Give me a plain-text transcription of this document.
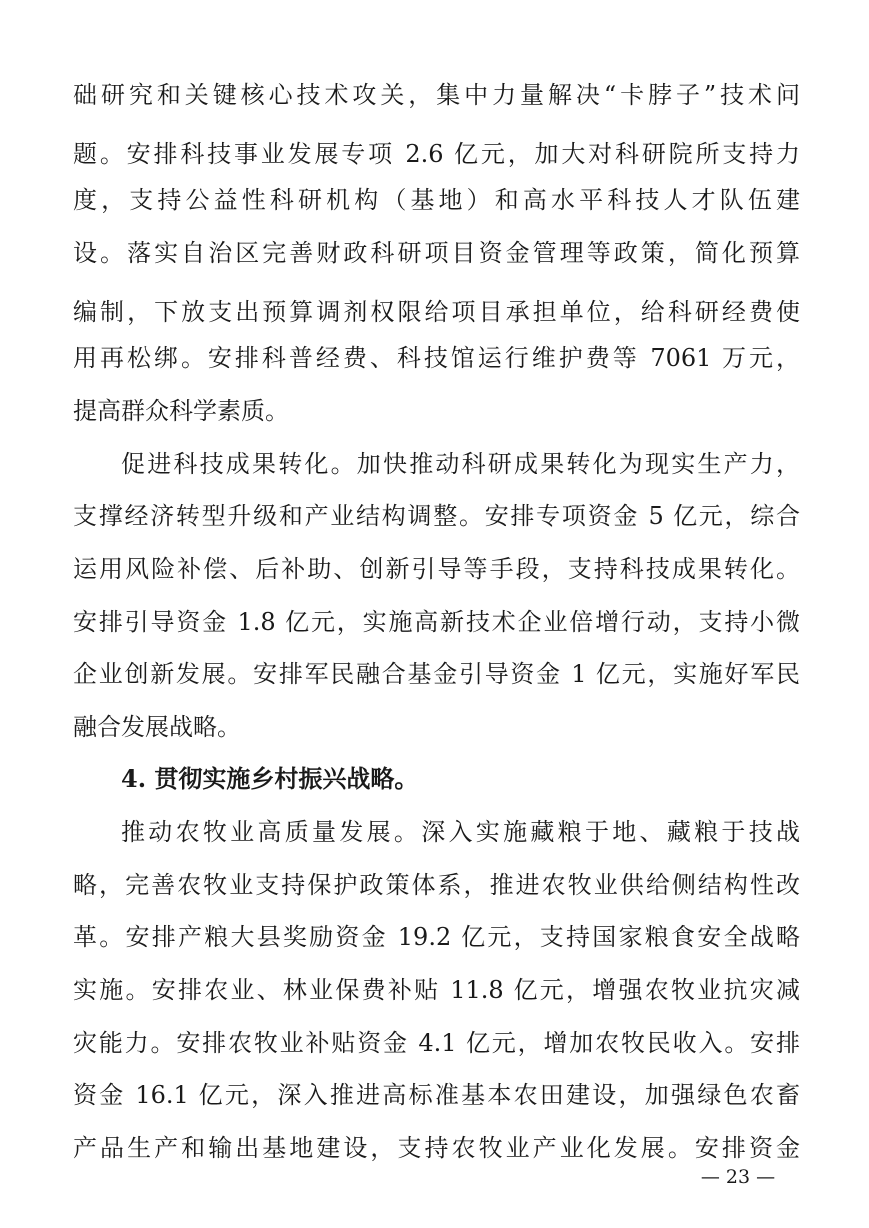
础研究和关键核心技术攻关，集中力量解决“卡脖子”技术问
题。安排科技事业发展专项 2.6 亿元，加大对科研院所支持力
度，支持公益性科研机构（基地）和高水平科技人才队伍建
设。落实自治区完善财政科研项目资金管理等政策，简化预算
编制，下放支出预算调剂权限给项目承担单位，给科研经费使
用再松绑。安排科普经费、科技馆运行维护费等 7061 万元，
提高群众科学素质。
促进科技成果转化。加快推动科研成果转化为现实生产力，
支撑经济转型升级和产业结构调整。安排专项资金 5 亿元，综合
运用风险补偿、后补助、创新引导等手段，支持科技成果转化。
安排引导资金 1.8 亿元，实施高新技术企业倍增行动，支持小微
企业创新发展。安排军民融合基金引导资金 1 亿元，实施好军民
融合发展战略。
4. 贯彻实施乡村振兴战略。
推动农牧业高质量发展。深入实施藏粮于地、藏粮于技战
略，完善农牧业支持保护政策体系，推进农牧业供给侧结构性改
革。安排产粮大县奖励资金 19.2 亿元，支持国家粮食安全战略
实施。安排农业、林业保费补贴 11.8 亿元，增强农牧业抗灾减
灾能力。安排农牧业补贴资金 4.1 亿元，增加农牧民收入。安排
资金 16.1 亿元，深入推进高标准基本农田建设，加强绿色农畜
产品生产和输出基地建设，支持农牧业产业化发展。安排资金
— 23 —
